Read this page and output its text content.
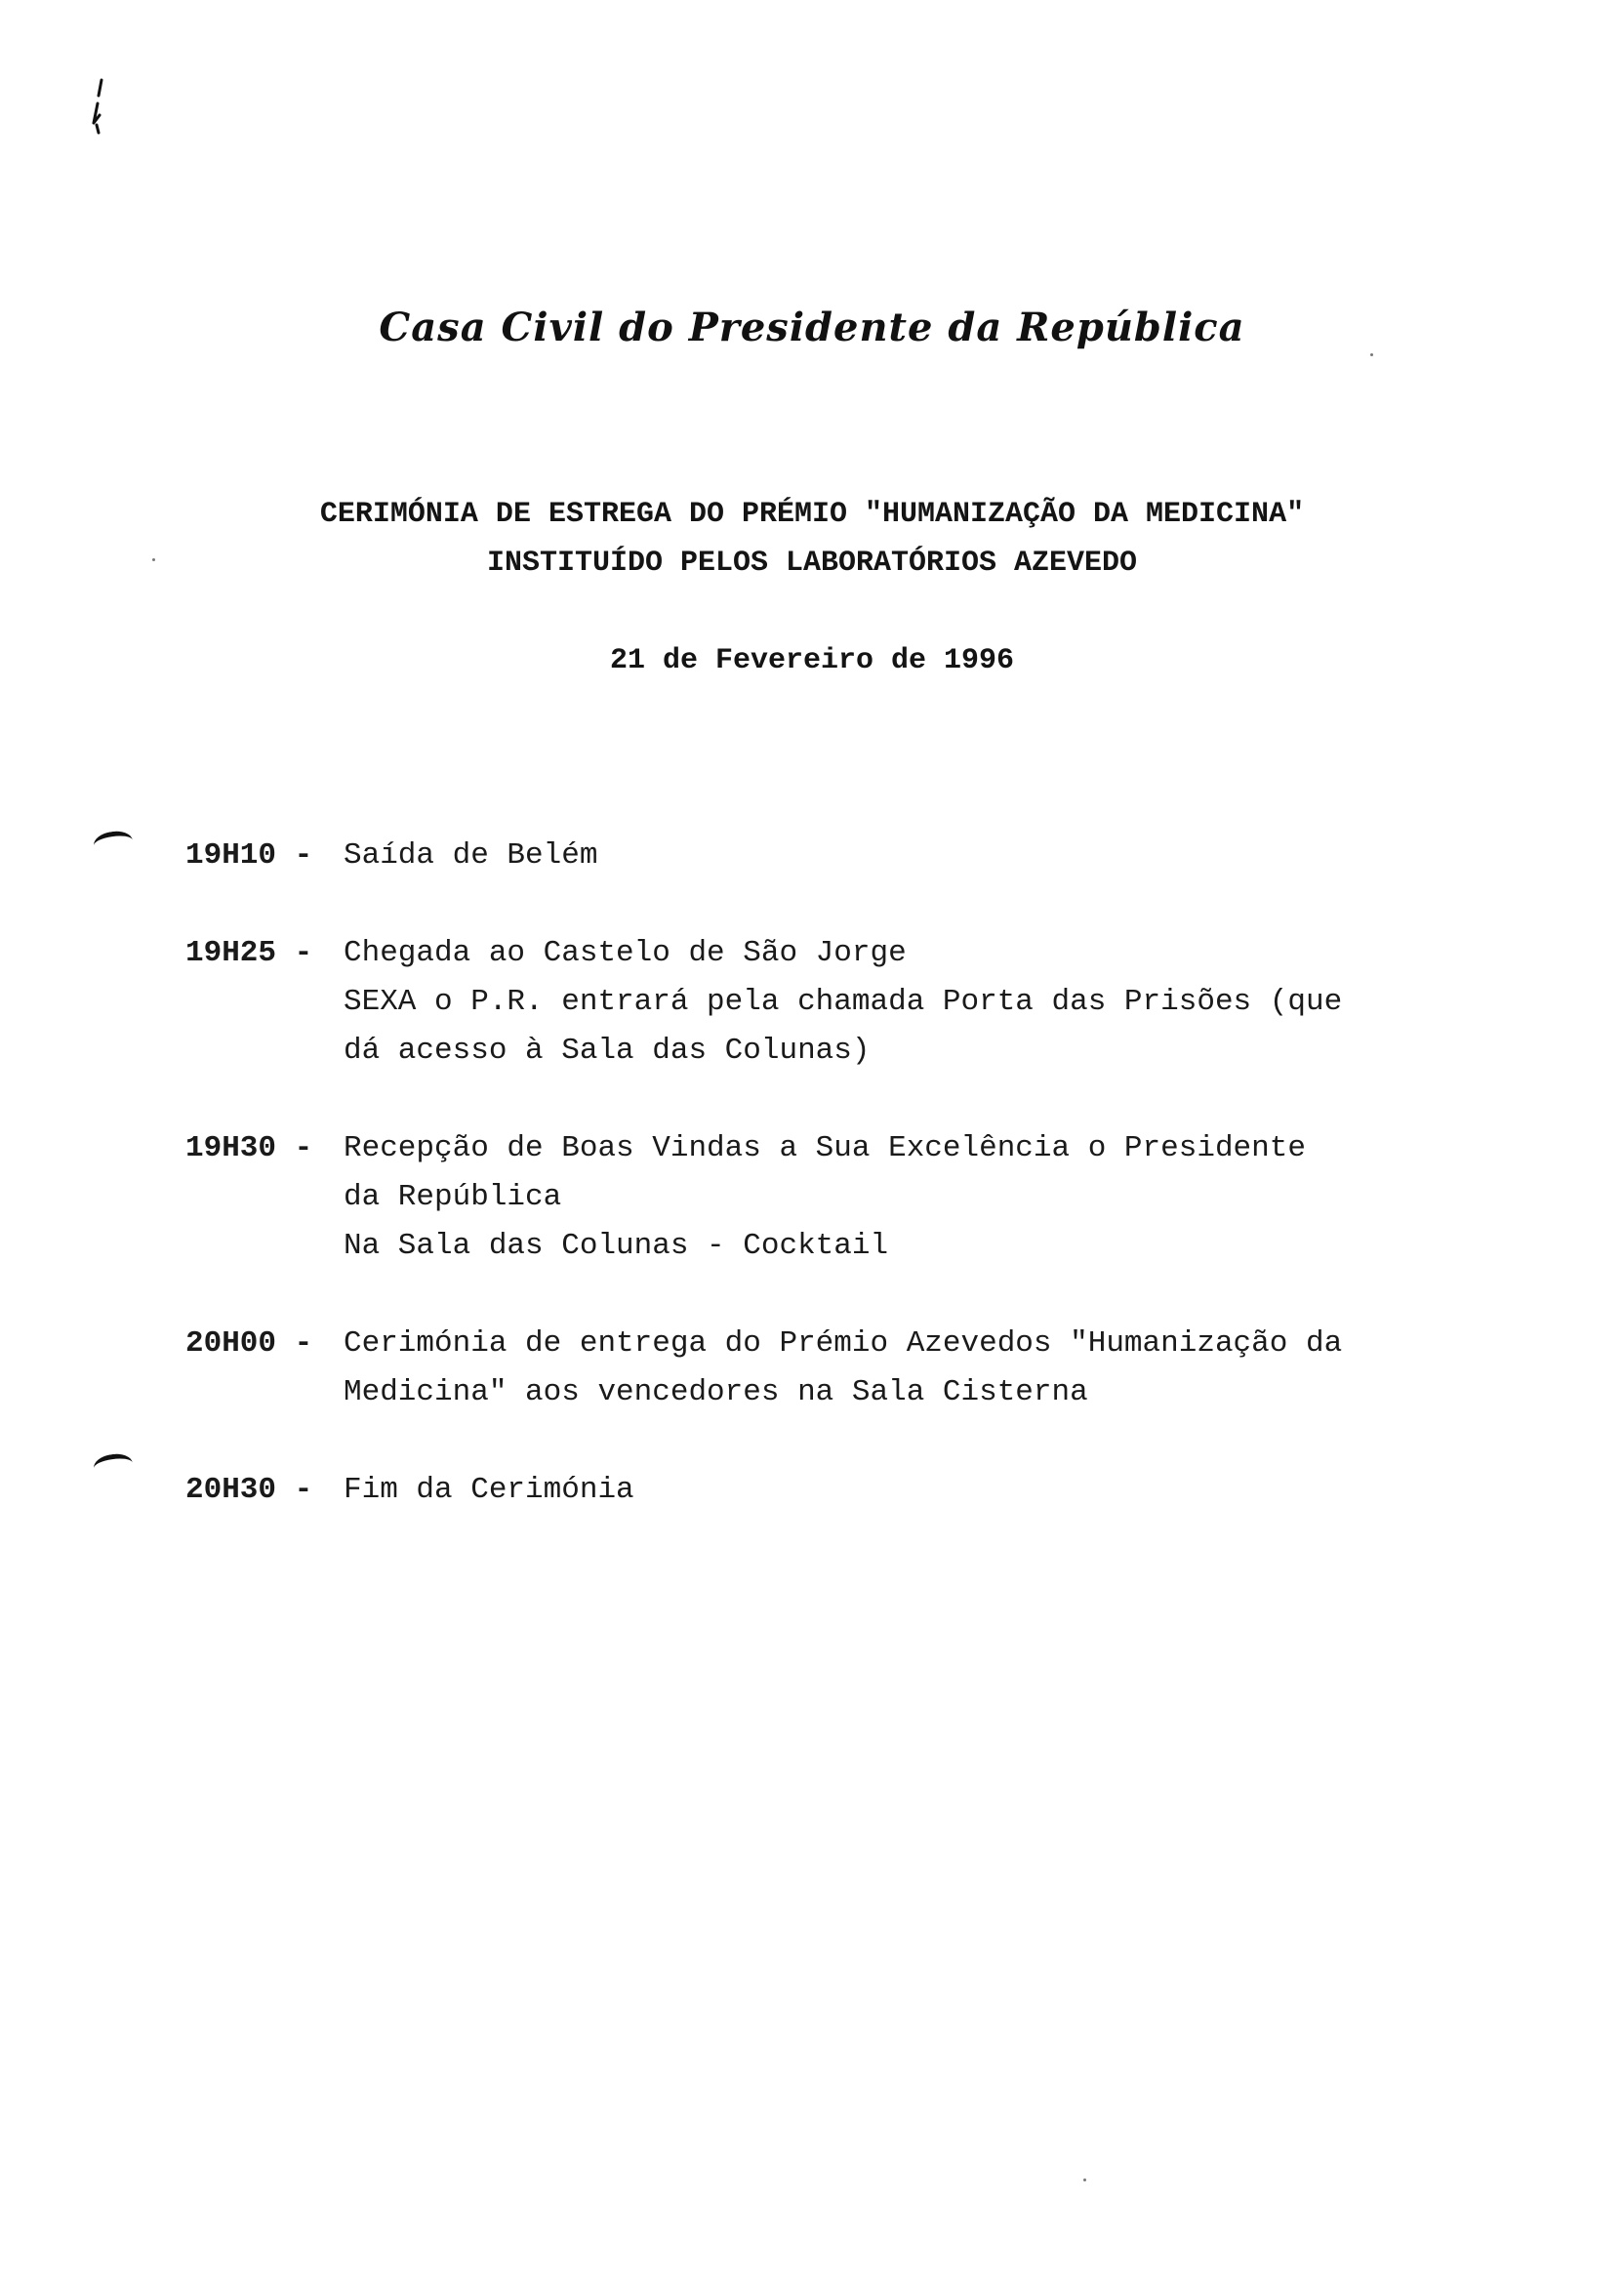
Casa Civil do Presidente da República
CERIMÓNIA DE ESTREGA DO PRÉMIO "HUMANIZAÇÃO DA MEDICINA"
INSTITUÍDO PELOS LABORATÓRIOS AZEVEDO
21 de Fevereiro de 1996
19H10 - Saída de Belém
19H25 - Chegada ao Castelo de São Jorge
SEXA o P.R. entrará pela chamada Porta das Prisões (que
dá acesso à Sala das Colunas)
19H30 - Recepção de Boas Vindas a Sua Excelência o Presidente
da República
Na Sala das Colunas - Cocktail
20H00 - Cerimónia de entrega do Prémio Azevedos "Humanização da
Medicina" aos vencedores na Sala Cisterna
20H30 - Fim da Cerimónia
